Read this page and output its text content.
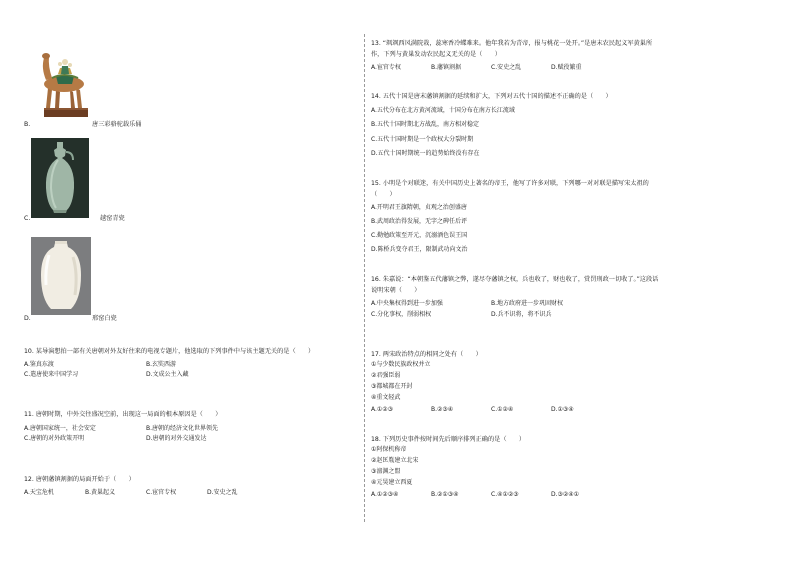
B.	唐三彩骆驼载乐俑
C.	越窑青瓷
D.	邢窑白瓷
10. 某导演想拍一部有关唐朝对外友好往来的电视专题片，他选取的下列事件中与该主题无关的是（　　）
A.鉴真东渡	B.玄奘西游
C.遣唐使来中国学习	D.文成公主入藏
11. 唐朝时期，中外交往盛况空前，出现这一局面的根本原因是（　　）
A.唐朝国家统一，社会安定	B.唐朝的经济文化世界领先
C.唐朝的对外政策开明	D.唐朝的对外交通发达
12. 唐朝藩镇割据的局面开始于（　　）
A.天宝危机	B.黄巢起义	C.宦官专权	D.安史之乱
13. “飒飒西风满院栽，蕊寒香冷蝶难来。他年我若为青帝，报与桃花一处开。”是唐末农民起义军黄巢所
作，下列与黄巢发动农民起义无关的是（　　）
A.宦官专权	B.藩镇割据	C.安史之乱	D.赋役繁重
14. 五代十国是唐末藩镇割据的延续和扩大，下列对五代十国的描述不正确的是（　　）
A.五代分布在北方黄河流域，十国分布在南方长江流域
B.五代十国时期北方战乱，南方相对稳定
C.五代十国时期是一个政权大分裂时期
D.五代十国时期统一的趋势始终没有存在
15. 小明是个对联迷，有关中国历史上著名的帝王，他写了许多对联，下列哪一对对联是描写宋太祖的
（　　）
A.开明君王旗隋朝，贞观之治创盛唐
B.武周政治得发展，无字之碑任后评
C.勤勉政策至开元，沉溺酒色误王国
D.陈桥兵变夺君王，限制武功向文治
16. 朱嘉说：“本朝鉴五代藩镇之弊，遂尽夺藩镇之权，兵也收了，财也收了，赏罚刑政一切收了。”这段话
说明宋朝（　　）
A.中央集权得到进一步加强	B.地方政府进一步巩固财权
C.分化事权，削弱相权	D.兵不识将，将不识兵
17. 两宋政治特点的相同之处有（　　）
①与少数民族政权并立
②君强臣弱
③都城都在开封
④重文轻武
A.①②③	B.②③④	C.①②④	D.①③④
18. 下列历史事件按时间先后顺序排列正确的是（　　）
①阿保机称帝
②赵匡胤建立北宋
③澶渊之盟
④元昊建立西夏
A.①②③④	B.②①③④	C.④①②③	D.③②④①
